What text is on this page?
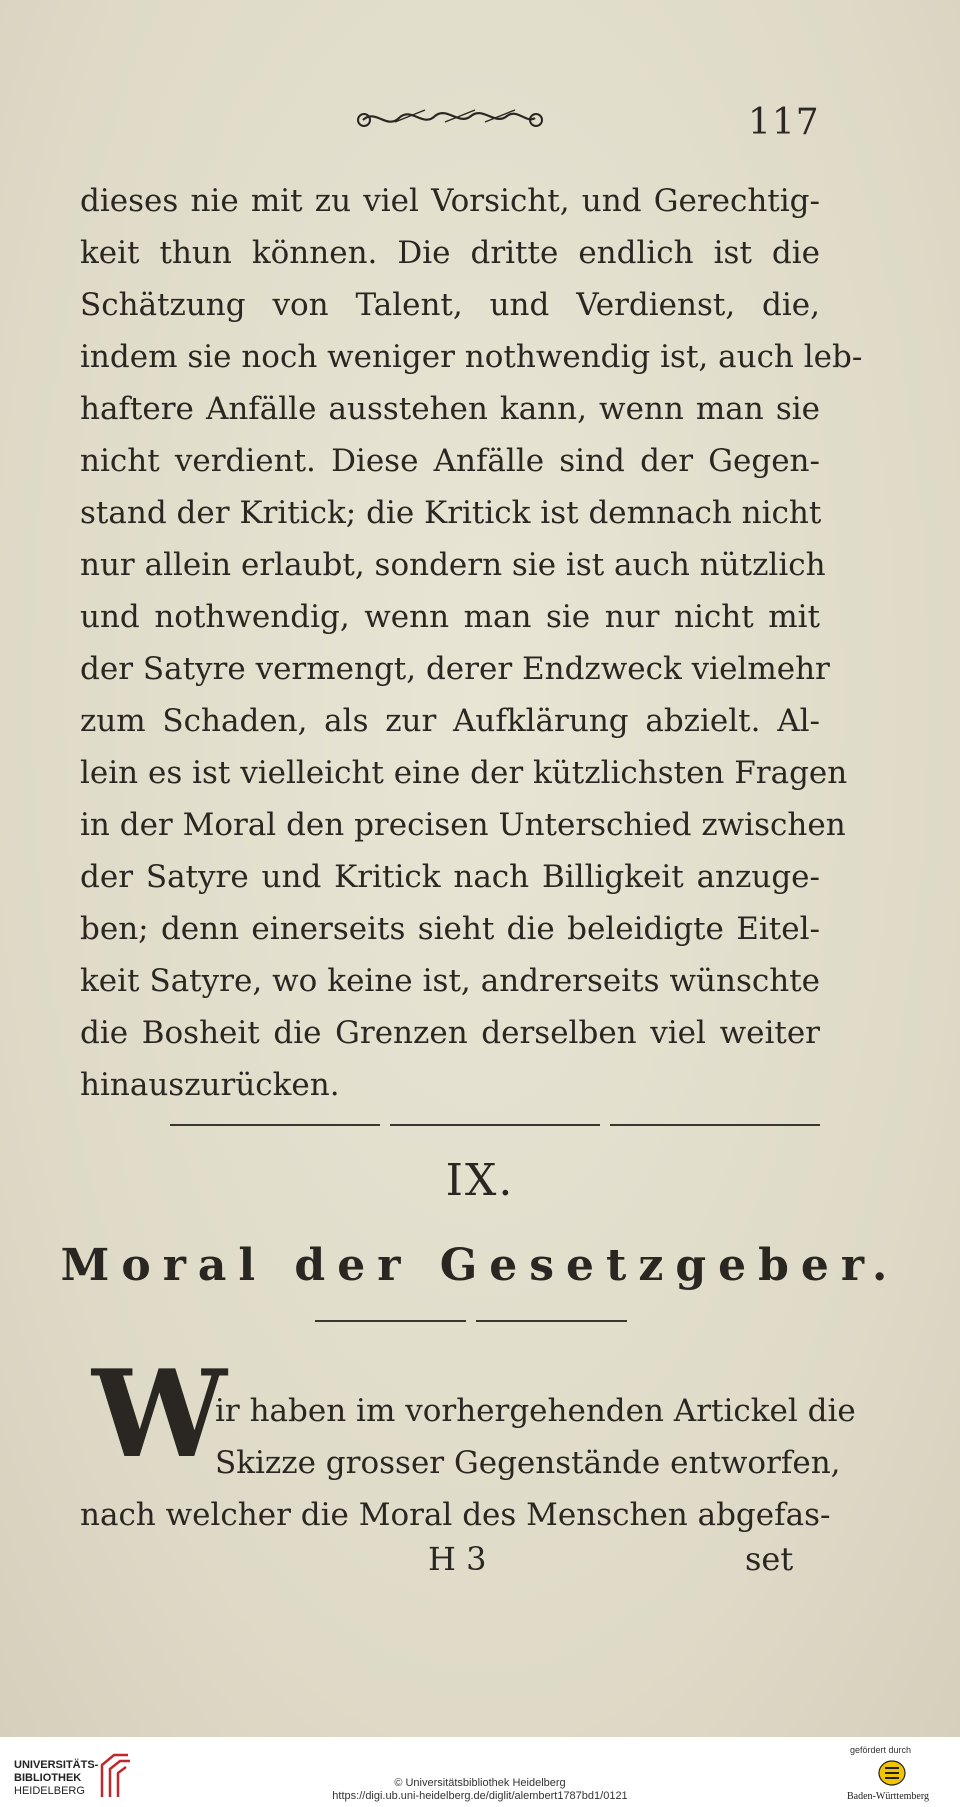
117
dieses nie mit zu viel Vorsicht, und Gerechtig-
keit thun können. Die dritte endlich ist die
Schätzung von Talent, und Verdienst, die,
indem sie noch weniger nothwendig ist, auch leb-
haftere Anfälle ausstehen kann, wenn man sie
nicht verdient. Diese Anfälle sind der Gegen-
stand der Kritick; die Kritick ist demnach nicht
nur allein erlaubt, sondern sie ist auch nützlich
und nothwendig, wenn man sie nur nicht mit
der Satyre vermengt, derer Endzweck vielmehr
zum Schaden, als zur Aufklärung abzielt. Al-
lein es ist vielleicht eine der kützlichsten Fragen
in der Moral den precisen Unterschied zwischen
der Satyre und Kritick nach Billigkeit anzuge-
ben; denn einerseits sieht die beleidigte Eitel-
keit Satyre, wo keine ist, andrerseits wünschte
die Bosheit die Grenzen derselben viel weiter
hinauszurücken.
IX.
Moral der Gesetzgeber.
W
ir haben im vorhergehenden Artickel die
Skizze grosser Gegenstände entworfen,
nach welcher die Moral des Menschen abgefas-
H 3	set
UNIVERSITÄTS-
BIBLIOTHEK
HEIDELBERG
© Universitätsbibliothek Heidelberg
https://digi.ub.uni-heidelberg.de/diglit/alembert1787bd1/0121
gefördert durch
Baden-Württemberg
